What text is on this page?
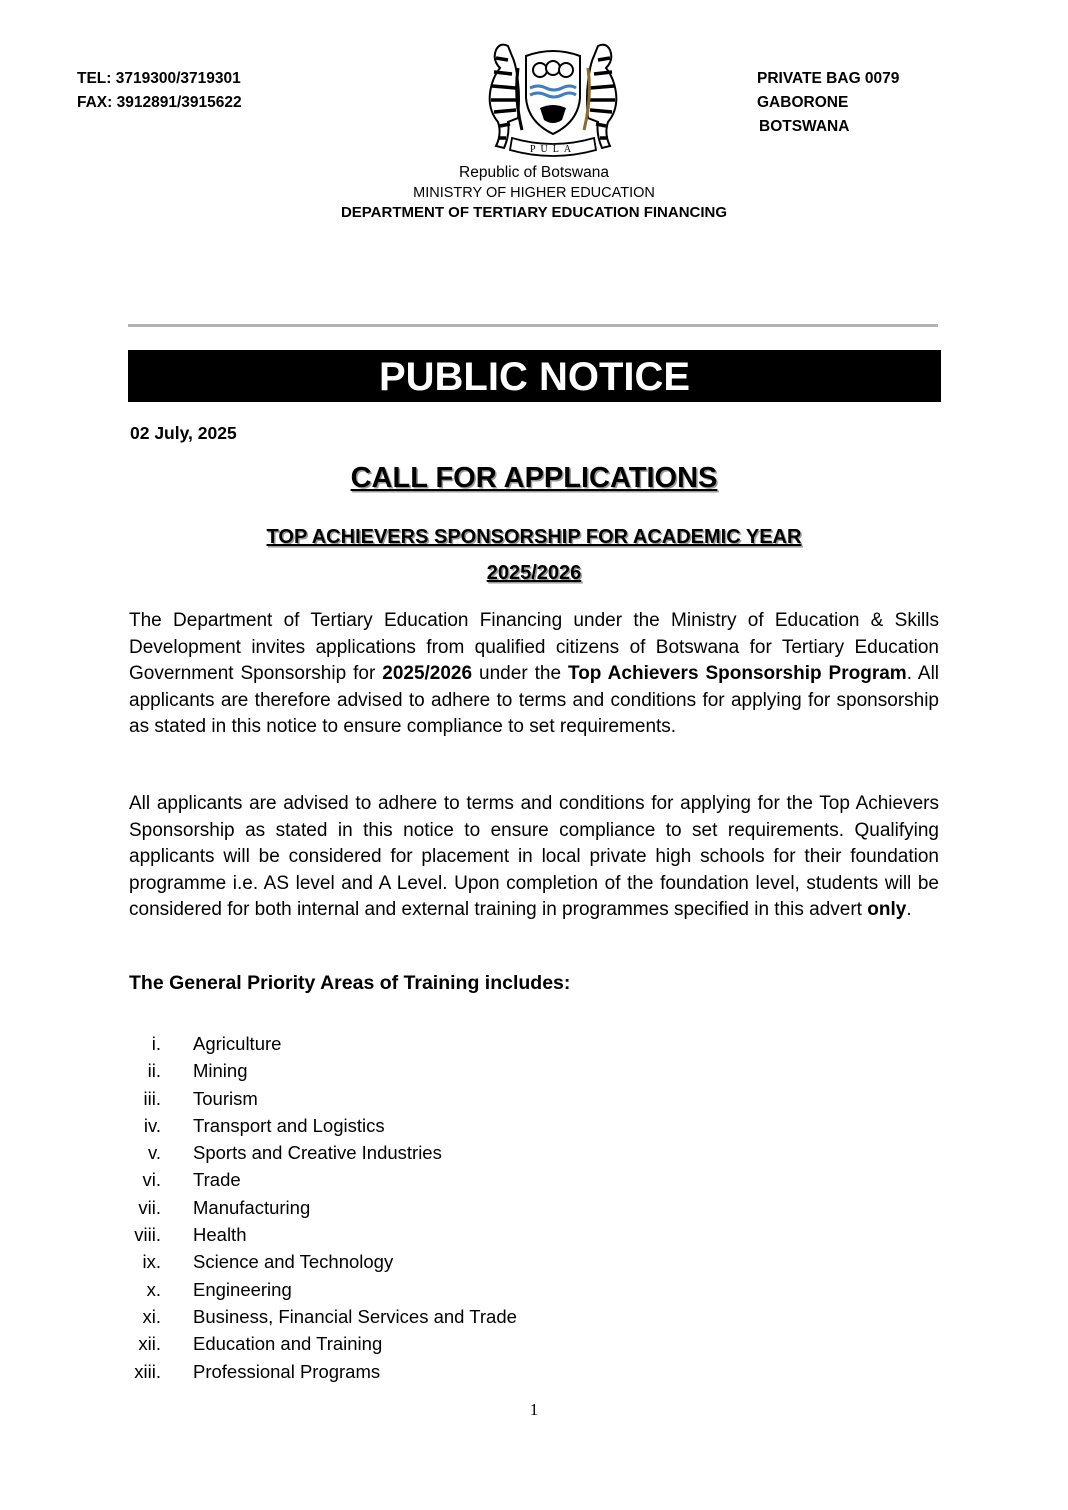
TEL: 3719300/3719301
FAX: 3912891/3915622
PRIVATE BAG 0079
GABORONE
BOTSWANA
PULA
Republic of Botswana
MINISTRY OF HIGHER EDUCATION
DEPARTMENT OF TERTIARY EDUCATION FINANCING
PUBLIC NOTICE
02 July, 2025
CALL FOR APPLICATIONS
TOP ACHIEVERS SPONSORSHIP FOR ACADEMIC YEAR
2025/2026
The Department of Tertiary Education Financing under the Ministry of Education & Skills Development invites applications from qualified citizens of Botswana for Tertiary Education Government Sponsorship for 2025/2026 under the Top Achievers Sponsorship Program. All applicants are therefore advised to adhere to terms and conditions for applying for sponsorship as stated in this notice to ensure compliance to set requirements.
All applicants are advised to adhere to terms and conditions for applying for the Top Achievers Sponsorship as stated in this notice to ensure compliance to set requirements. Qualifying applicants will be considered for placement in local private high schools for their foundation programme i.e. AS level and A Level. Upon completion of the foundation level, students will be considered for both internal and external training in programmes specified in this advert only.
The General Priority Areas of Training includes:
i. Agriculture
ii. Mining
iii. Tourism
iv. Transport and Logistics
v. Sports and Creative Industries
vi. Trade
vii. Manufacturing
viii. Health
ix. Science and Technology
x. Engineering
xi. Business, Financial Services and Trade
xii. Education and Training
xiii. Professional Programs
1
